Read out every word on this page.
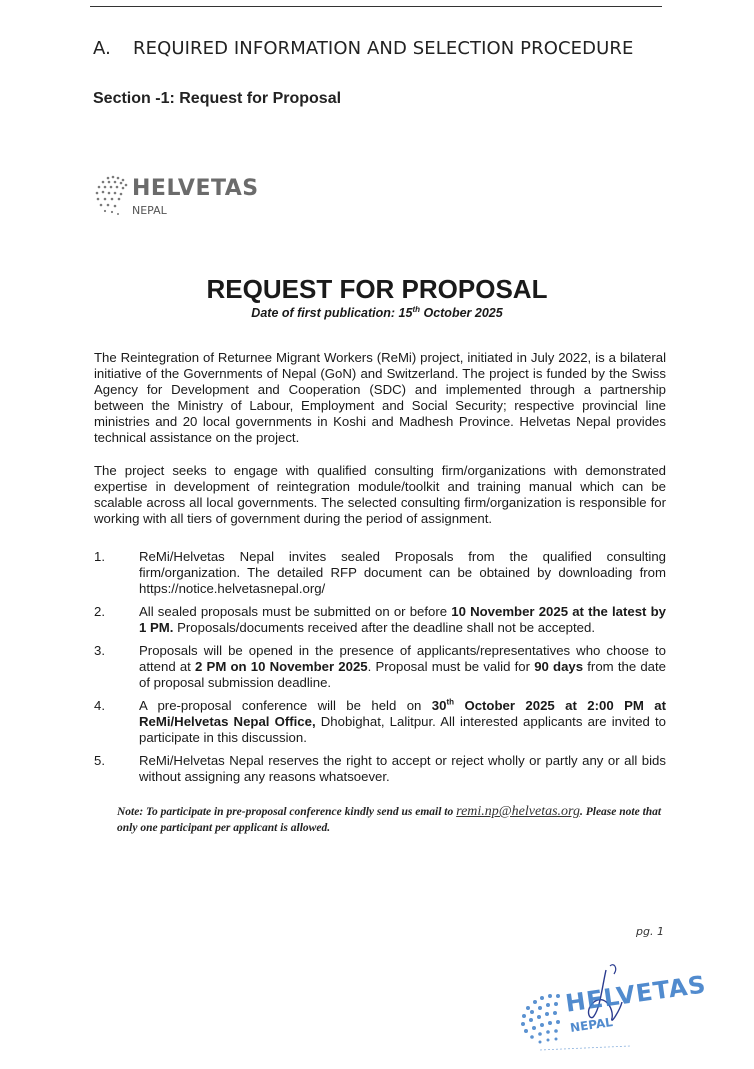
A. REQUIRED INFORMATION AND SELECTION PROCEDURE
Section -1: Request for Proposal
HELVETAS
NEPAL
REQUEST FOR PROPOSAL
Date of first publication: 15th October 2025
The Reintegration of Returnee Migrant Workers (ReMi) project, initiated in July 2022, is a bilateral initiative of the Governments of Nepal (GoN) and Switzerland. The project is funded by the Swiss Agency for Development and Cooperation (SDC) and implemented through a partnership between the Ministry of Labour, Employment and Social Security; respective provincial line ministries and 20 local governments in Koshi and Madhesh Province. Helvetas Nepal provides technical assistance on the project.
The project seeks to engage with qualified consulting firm/organizations with demonstrated expertise in development of reintegration module/toolkit and training manual which can be scalable across all local governments. The selected consulting firm/organization is responsible for working with all tiers of government during the period of assignment.
1.	ReMi/Helvetas Nepal invites sealed Proposals from the qualified consulting firm/organization. The detailed RFP document can be obtained by downloading from https://notice.helvetasnepal.org/
2.	All sealed proposals must be submitted on or before 10 November 2025 at the latest by 1 PM. Proposals/documents received after the deadline shall not be accepted.
3.	Proposals will be opened in the presence of applicants/representatives who choose to attend at 2 PM on 10 November 2025. Proposal must be valid for 90 days from the date of proposal submission deadline.
4.	A pre-proposal conference will be held on 30th October 2025 at 2:00 PM at ReMi/Helvetas Nepal Office, Dhobighat, Lalitpur. All interested applicants are invited to participate in this discussion.
5.	ReMi/Helvetas Nepal reserves the right to accept or reject wholly or partly any or all bids without assigning any reasons whatsoever.
Note: To participate in pre-proposal conference kindly send us email to remi.np@helvetas.org. Please note that only one participant per applicant is allowed.
pg. 1
HELVETAS
NEPAL
